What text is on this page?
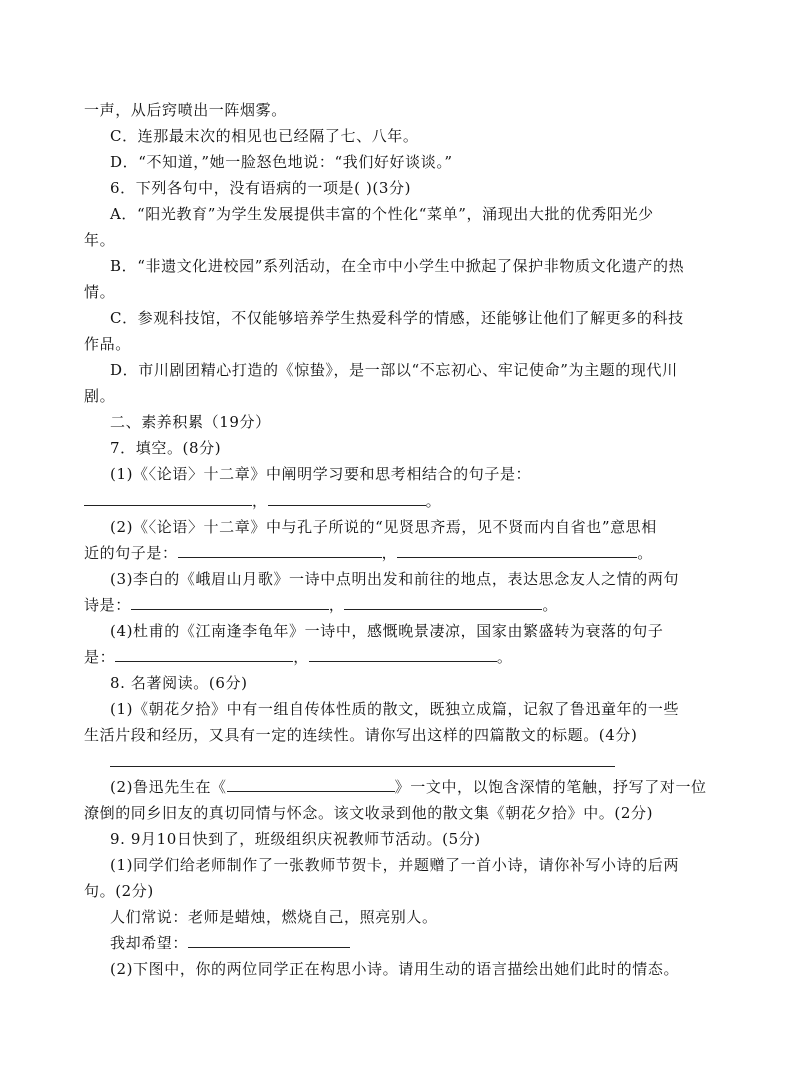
一声，从后窍喷出一阵烟雾。
C．连那最末次的相见也已经隔了七、八年。
D．“不知道，”她一脸怒色地说：“我们好好谈谈。”
6．下列各句中，没有语病的一项是( )(3分)
A．“阳光教育”为学生发展提供丰富的个性化“菜单”，涌现出大批的优秀阳光少
年。
B．“非遗文化进校园”系列活动，在全市中小学生中掀起了保护非物质文化遗产的热
情。
C．参观科技馆，不仅能够培养学生热爱科学的情感，还能够让他们了解更多的科技
作品。
D．市川剧团精心打造的《惊蛰》，是一部以“不忘初心、牢记使命”为主题的现代川
剧。
二、素养积累（19分）
7．填空。(8分)
(1)《〈论语〉十二章》中阐明学习要和思考相结合的句子是：
，	。
(2)《〈论语〉十二章》中与孔子所说的“见贤思齐焉，见不贤而内自省也”意思相
近的句子是：	，	。
(3)李白的《峨眉山月歌》一诗中点明出发和前往的地点，表达思念友人之情的两句
诗是：	，	。
(4)杜甫的《江南逢李龟年》一诗中，感慨晚景凄凉，国家由繁盛转为衰落的句子
是：	，	。
8. 名著阅读。(6分)
(1)《朝花夕拾》中有一组自传体性质的散文，既独立成篇，记叙了鲁迅童年的一些
生活片段和经历，又具有一定的连续性。请你写出这样的四篇散文的标题。(4分)
(2)鲁迅先生在《	》一文中，以饱含深情的笔触，抒写了对一位
潦倒的同乡旧友的真切同情与怀念。该文收录到他的散文集《朝花夕拾》中。(2分)
9. 9月10日快到了，班级组织庆祝教师节活动。(5分)
(1)同学们给老师制作了一张教师节贺卡，并题赠了一首小诗，请你补写小诗的后两
句。(2分)
人们常说：老师是蜡烛，燃烧自己，照亮别人。
我却希望：
(2)下图中，你的两位同学正在构思小诗。请用生动的语言描绘出她们此时的情态。
